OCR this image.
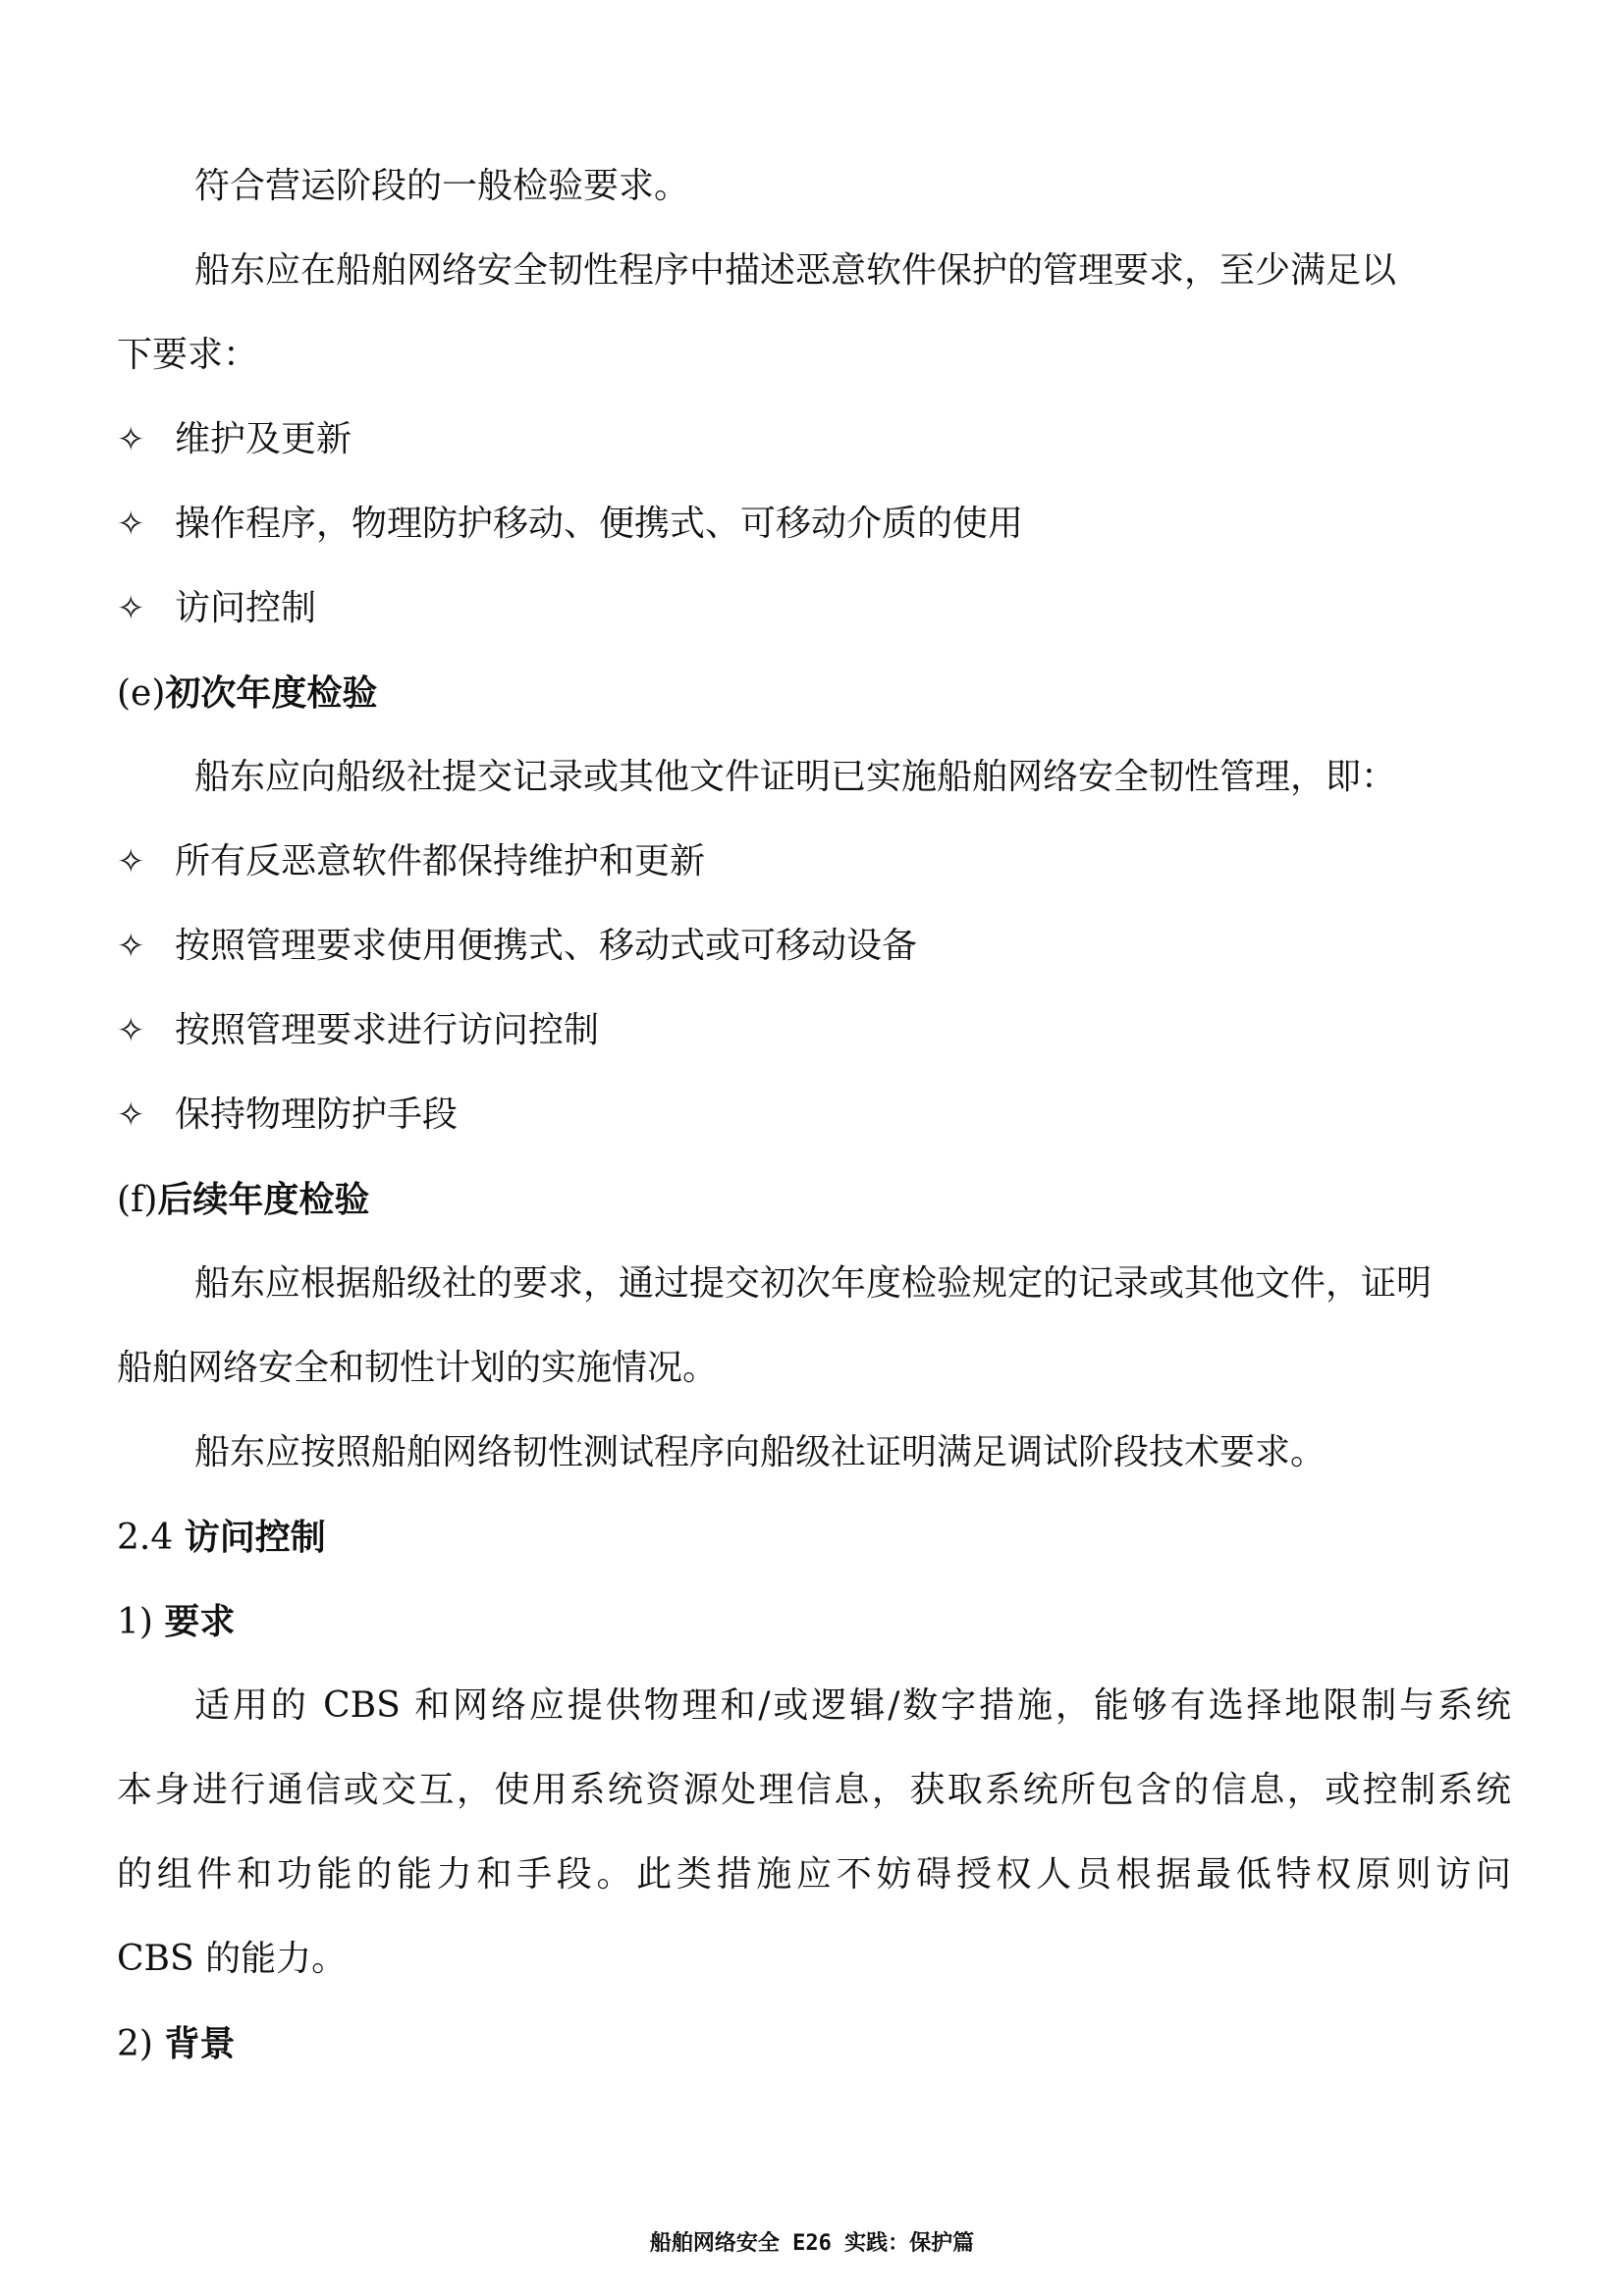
符合营运阶段的一般检验要求。
船东应在船舶网络安全韧性程序中描述恶意软件保护的管理要求，至少满足以
下要求：
✧ 维护及更新
✧ 操作程序，物理防护移动、便携式、可移动介质的使用
✧ 访问控制
(e)初次年度检验
船东应向船级社提交记录或其他文件证明已实施船舶网络安全韧性管理，即：
✧ 所有反恶意软件都保持维护和更新
✧ 按照管理要求使用便携式、移动式或可移动设备
✧ 按照管理要求进行访问控制
✧ 保持物理防护手段
(f)后续年度检验
船东应根据船级社的要求，通过提交初次年度检验规定的记录或其他文件，证明
船舶网络安全和韧性计划的实施情况。
船东应按照船舶网络韧性测试程序向船级社证明满足调试阶段技术要求。
2.4 访问控制
1) 要求
适用的 CBS 和网络应提供物理和/或逻辑/数字措施，能够有选择地限制与系统
本身进行通信或交互，使用系统资源处理信息，获取系统所包含的信息，或控制系统
的组件和功能的能力和手段。此类措施应不妨碍授权人员根据最低特权原则访问
CBS 的能力。
2) 背景
船舶网络安全 E26 实践：保护篇
